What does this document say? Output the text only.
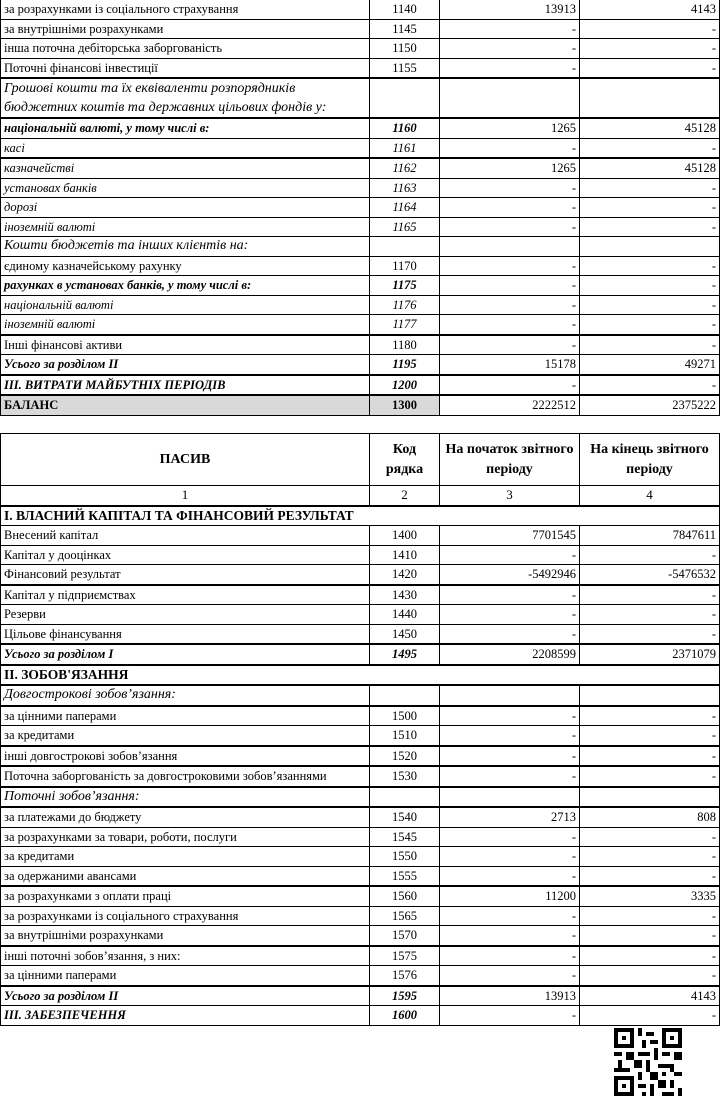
за розрахунками із соціального страхування	1140	13913	4143
за внутрішніми розрахунками	1145	-	-
інша поточна дебіторська заборгованість	1150	-	-
Поточні фінансові інвестиції	1155	-	-
Грошові кошти та їх еквіваленти розпорядників бюджетних коштів та державних цільових фондів у:			
національній валюті, у тому числі в:	1160	1265	45128
касі	1161	-	-
казначействі	1162	1265	45128
установах банків	1163	-	-
дорозі	1164	-	-
іноземній валюті	1165	-	-
Кошти бюджетів та інших клієнтів на:			
єдиному казначейському рахунку	1170	-	-
рахунках в установах банків, у тому числі в:	1175	-	-
національній валюті	1176	-	-
іноземній валюті	1177	-	-
Інші фінансові активи	1180	-	-
Усього за розділом II	1195	15178	49271
III. ВИТРАТИ МАЙБУТНІХ ПЕРІОДІВ	1200	-	-
БАЛАНС	1300	2222512	2375222
ПАСИВ	Код рядка	На початок звітного періоду	На кінець звітного періоду
1	2	3	4
I. ВЛАСНИЙ КАПІТАЛ ТА ФІНАНСОВИЙ РЕЗУЛЬТАТ			
Внесений капітал	1400	7701545	7847611
Капітал у дооцінках	1410	-	-
Фінансовий результат	1420	-5492946	-5476532
Капітал у підприємствах	1430	-	-
Резерви	1440	-	-
Цільове фінансування	1450	-	-
Усього за розділом I	1495	2208599	2371079
II. ЗОБОВ'ЯЗАННЯ			
Довгострокові зобов’язання:			
за цінними паперами	1500	-	-
за кредитами	1510	-	-
інші довгострокові зобов’язання	1520	-	-
Поточна заборгованість за довгостроковими зобов’язаннями	1530	-	-
Поточні зобов’язання:			
за платежами до бюджету	1540	2713	808
за розрахунками за товари, роботи, послуги	1545	-	-
за кредитами	1550	-	-
за одержаними авансами	1555	-	-
за розрахунками з оплати праці	1560	11200	3335
за розрахунками із соціального страхування	1565	-	-
за внутрішніми розрахунками	1570	-	-
інші поточні зобов’язання, з них:	1575	-	-
за цінними паперами	1576	-	-
Усього за розділом II	1595	13913	4143
III. ЗАБЕЗПЕЧЕННЯ	1600	-	-
